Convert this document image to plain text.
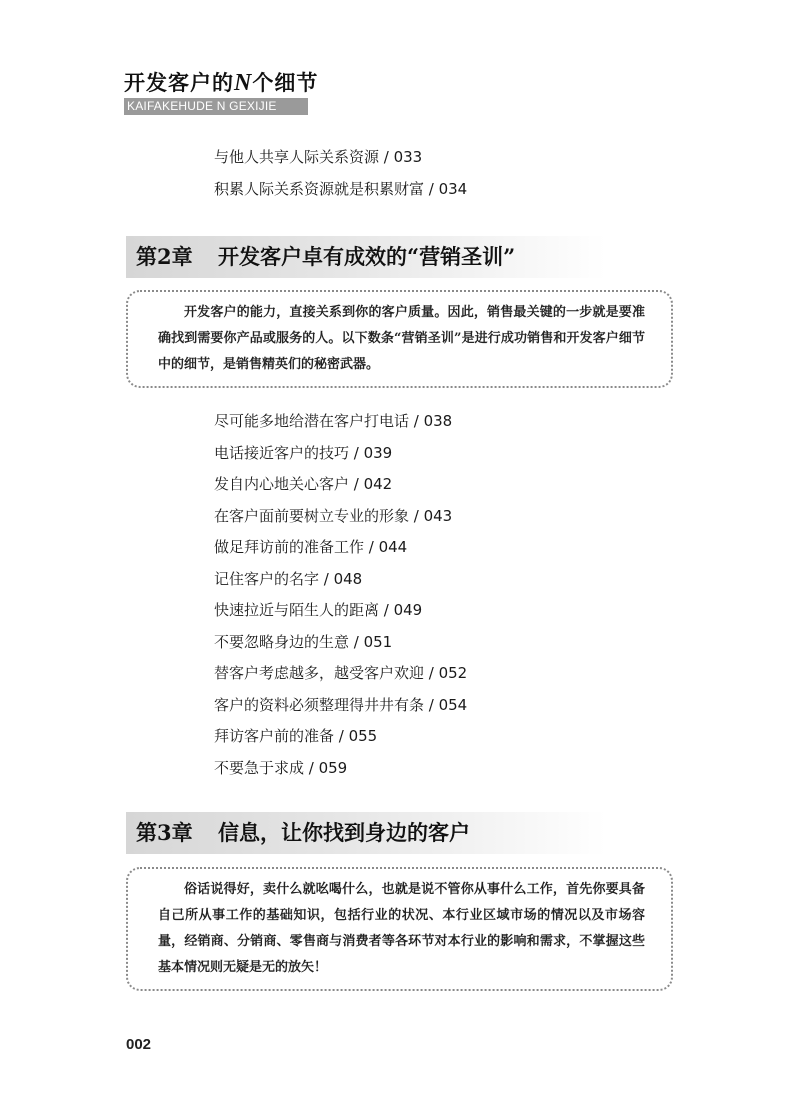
开发客户的N个细节
KAIFAKEHUDE N GEXIJIE
与他人共享人际关系资源 / 033
积累人际关系资源就是积累财富 / 034
第2章 开发客户卓有成效的“营销圣训”

开发客户的能力，直接关系到你的客户质量。因此，销售最关键的一步就是要准确找到需要你产品或服务的人。以下数条“营销圣训”是进行成功销售和开发客户细节中的细节，是销售精英们的秘密武器。

尽可能多地给潜在客户打电话 / 038
电话接近客户的技巧 / 039
发自内心地关心客户 / 042
在客户面前要树立专业的形象 / 043
做足拜访前的准备工作 / 044
记住客户的名字 / 048
快速拉近与陌生人的距离 / 049
不要忽略身边的生意 / 051
替客户考虑越多，越受客户欢迎 / 052
客户的资料必须整理得井井有条 / 054
拜访客户前的准备 / 055
不要急于求成 / 059
第3章 信息，让你找到身边的客户

俗话说得好，卖什么就吆喝什么，也就是说不管你从事什么工作，首先你要具备自己所从事工作的基础知识，包括行业的状况、本行业区域市场的情况以及市场容量，经销商、分销商、零售商与消费者等各环节对本行业的影响和需求，不掌握这些基本情况则无疑是无的放矢！

002
